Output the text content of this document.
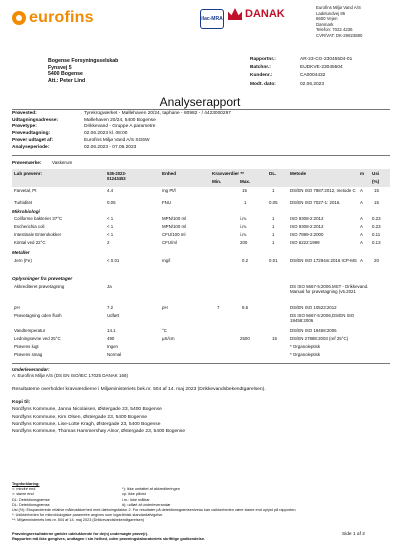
eurofins	ilac-MRA DANAK
Eurofins Miljø Vand A/S
Ladelundvej 85
6600 Vejen
Danmark
Telefon: 7022 4236
CVR/VAT: DK-29823880
Bogense Forsyningsselskab
Fynsvej 5
5400 Bogense
Att.: Peter Lind
Rapportnr.:	AR-23-CG-23045504-01
Batchnr.:	EUDKVE-23045504
Kundenr.:	CA0004432
Modt. dato:	02.06.2023
Analyserapport
Prøvested:	Tyrekrogværket - Møllehaven 20/24, taphane - 80982 - / 4423000297
Udtagningsadresse:	Møllehaven 20/24, 5400 Bogense
Prøvetype:	Drikkevand - Gruppe A parametre
Prøveudtagning:	02.06.2023 kl. 08:00
Prøver udtaget af:	Eurofins Miljø Vand A/S SG6W
Analyseperiode:	02.06.2023 - 07.06.2023
Prøvemærke:	Vaskerum
Lab prøvenr:	535-2023-01243453
Enhed	Kravværdier **
Min.	Max.
DL.	Metode	m Usi
(%)
Farvetal, Pt	4.4	mg Pt/l	15	1	DS/EN ISO 7887:2012, metode C A	15
Turbiditet	0.05	FNU	1	0.05	DS/EN ISO 7027-1: 2016.	A	15
Mikrobiologi
Coliforme bakterier 37°C	< 1	MPN/100 ml	i.m.	1	ISO 9308-2:2012	A 0.23
Escherichia coli	< 1	MPN/100 ml	i.m.	1	ISO 9308-2:2012	A 0.23
Intestinale Enterokokker	< 1	CFU/100 ml	i.m.	1	ISO 7899-2:2000	A 0.11
Kimtal ved 22°C	2	CFU/ml	200	1	ISO 6222:1999	A 0.13
Metaller
Jern (Fe)	< 0.01	mg/l	0.2	0.01	DS/EN ISO 17294m:2016 ICP-MS A	20
Oplysninger fra prøvetager
Akkrediteret prøvetagning	Ja	DS ISO 5667-5:2006.MST - Drikkevand. Manual for prøvetagning (v5.2021
pH	7.2	pH	7	8.5	DS/EN ISO 10523:2012
Prøvetagning oden flush	Udført	DS ISO 5667-5:2006,DS/EN ISO 19458:2006
Vandtemperatur	14.1	°C	DS/EN ISO 19458:2006
Ledningsevne ved 25°C	490	µS/cm	2500	15	DS/EN 27888:2003 (ref 25°C)
Prøvens lugt	Ingen	* Organoleptisk
Prøvens smag	Normal	* Organoleptisk
Underleverandør:
A: Eurofins Miljø A/S (DS EN ISO/IEC 17025 DANAK 168)
Resultaterne overholder kravværdierne i Miljøministeriets bek.nr. 504 af 14. maj 2023 (Drikkevandsbekendtgørelsen).
Kopi til:
Nordfyns Kommune, Janna Nicolaisen, Østergade 23, 5400 Bogense
Nordfyns Kommune, Kim Olsen, Østergade 23, 5400 Bogense
Nordfyns Kommune, Lise-Lotte Kragh, Østergade 23, 5400 Bogense
Nordfyns Kommune, Thomas Hammershøy Alnor, Østergade 23, 5400 Bogense
Tegnforklaring:
<: mindre end	*): Ikke omfattet af akkrediteringen
>: større end	cp: ikke påvist
DL: Detektionsgrænse	i.m.: ikke målbar
DL: Detektionsgrænse	#): udført af underleverandør
Usi (%): Ekspanderede relative måleusikkerhed med dækningsfaktor 2. For resultater på detektionsgrænseniveau kan usikkerheden være større end oplyst på rapporten.
*: Usikkerheden for mikrobiologiske parametre angives som logaritmisk standardafvigelse.
**: Miljøministeriets bek.nr. 504 af 14. maj 2023 (Drikkevandsbekendtgørelsen)
Prøvningsresultaterne gælder udelukkende for de(n) undersøgte prøve(r).
Rapporten må ikke gengives, undtagen i sin helhed, uden prøvningslaboratoriets skriftlige godkendelse.
Side 1 af 2
